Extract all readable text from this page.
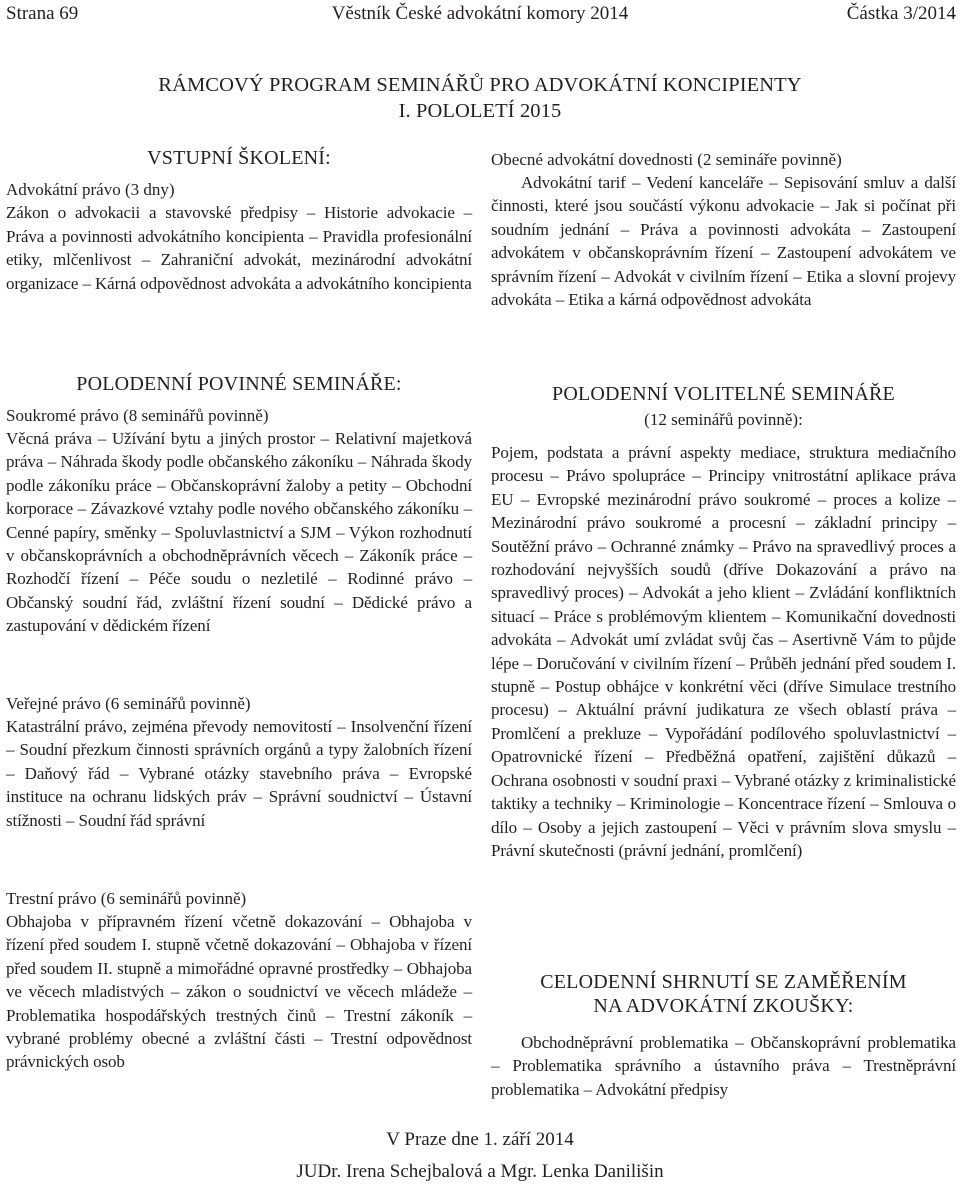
Strana 69	Věstník České advokátní komory 2014	Částka 3/2014
RÁMCOVÝ PROGRAM SEMINÁŘŮ PRO ADVOKÁTNÍ KONCIPIENTY
I. POLOLETÍ 2015
VSTUPNÍ ŠKOLENÍ:
Advokátní právo (3 dny)
Zákon o advokacii a stavovské předpisy – Historie advokacie – Práva a povinnosti advokátního koncipienta – Pravidla profesionální etiky, mlčenlivost – Zahraniční advokát, mezinárodní advokátní organizace – Kárná odpovědnost advokáta a advokátního koncipienta
Obecné advokátní dovednosti (2 semináře povinně)
Advokátní tarif – Vedení kanceláře – Sepisování smluv a další činnosti, které jsou součástí výkonu advokacie – Jak si počínat při soudním jednání – Práva a povinnosti advokáta – Zastoupení advokátem v občanskoprávním řízení – Zastoupení advokátem ve správním řízení – Advokát v civilním řízení – Etika a slovní projevy advokáta – Etika a kárná odpovědnost advokáta
POLODENNÍ POVINNÉ SEMINÁŘE:
Soukromé právo (8 seminářů povinně)
Věcná práva – Užívání bytu a jiných prostor – Relativní majetková práva – Náhrada škody podle občanského zákoníku – Náhrada škody podle zákoníku práce – Občanskoprávní žaloby a petity – Obchodní korporace – Závazkové vztahy podle nového občanského zákoníku – Cenné papíry, směnky – Spoluvlastnictví a SJM – Výkon rozhodnutí v občanskoprávních a obchodněprávních věcech – Zákoník práce – Rozhodčí řízení – Péče soudu o nezletilé – Rodinné právo – Občanský soudní řád, zvláštní řízení soudní – Dědické právo a zastupování v dědickém řízení
Veřejné právo (6 seminářů povinně)
Katastrální právo, zejména převody nemovitostí – Insolvenční řízení – Soudní přezkum činnosti správních orgánů a typy žalobních řízení – Daňový řád – Vybrané otázky stavebního práva – Evropské instituce na ochranu lidských práv – Správní soudnictví – Ústavní stížnosti – Soudní řád správní
Trestní právo (6 seminářů povinně)
Obhajoba v přípravném řízení včetně dokazování – Obhajoba v řízení před soudem I. stupně včetně dokazování – Obhajoba v řízení před soudem II. stupně a mimořádné opravné prostředky – Obhajoba ve věcech mladistvých – zákon o soudnictví ve věcech mládeže – Problematika hospodářských trestných činů – Trestní zákoník – vybrané problémy obecné a zvláštní části – Trestní odpovědnost právnických osob
POLODENNÍ VOLITELNÉ SEMINÁŘE
(12 seminářů povinně):
Pojem, podstata a právní aspekty mediace, struktura mediačního procesu – Právo spolupráce – Principy vnitrostátní aplikace práva EU – Evropské mezinárodní právo soukromé – proces a kolize – Mezinárodní právo soukromé a procesní – základní principy – Soutěžní právo – Ochranné známky – Právo na spravedlivý proces a rozhodování nejvyšších soudů (dříve Dokazování a právo na spravedlivý proces) – Advokát a jeho klient – Zvládání konfliktních situací – Práce s problémovým klientem – Komunikační dovednosti advokáta – Advokát umí zvládat svůj čas – Asertivně Vám to půjde lépe – Doručování v civilním řízení – Průběh jednání před soudem I. stupně – Postup obhájce v konkrétní věci (dříve Simulace trestního procesu) – Aktuální právní judikatura ze všech oblastí práva – Promlčení a prekluze – Vypořádání podílového spoluvlastnictví – Opatrovnické řízení – Předběžná opatření, zajištění důkazů – Ochrana osobnosti v soudní praxi – Vybrané otázky z kriminalistické taktiky a techniky – Kriminologie – Koncentrace řízení – Smlouva o dílo – Osoby a jejich zastoupení – Věci v právním slova smyslu – Právní skutečnosti (právní jednání, promlčení)
CELODENNÍ SHRNUTÍ SE ZAMĚŘENÍM
NA ADVOKÁTNÍ ZKOUŠKY:
Obchodněprávní problematika – Občanskoprávní problematika – Problematika správního a ústavního práva – Trestněprávní problematika – Advokátní předpisy
V Praze dne 1. září 2014
JUDr. Irena Schejbalová a Mgr. Lenka Danilišin
